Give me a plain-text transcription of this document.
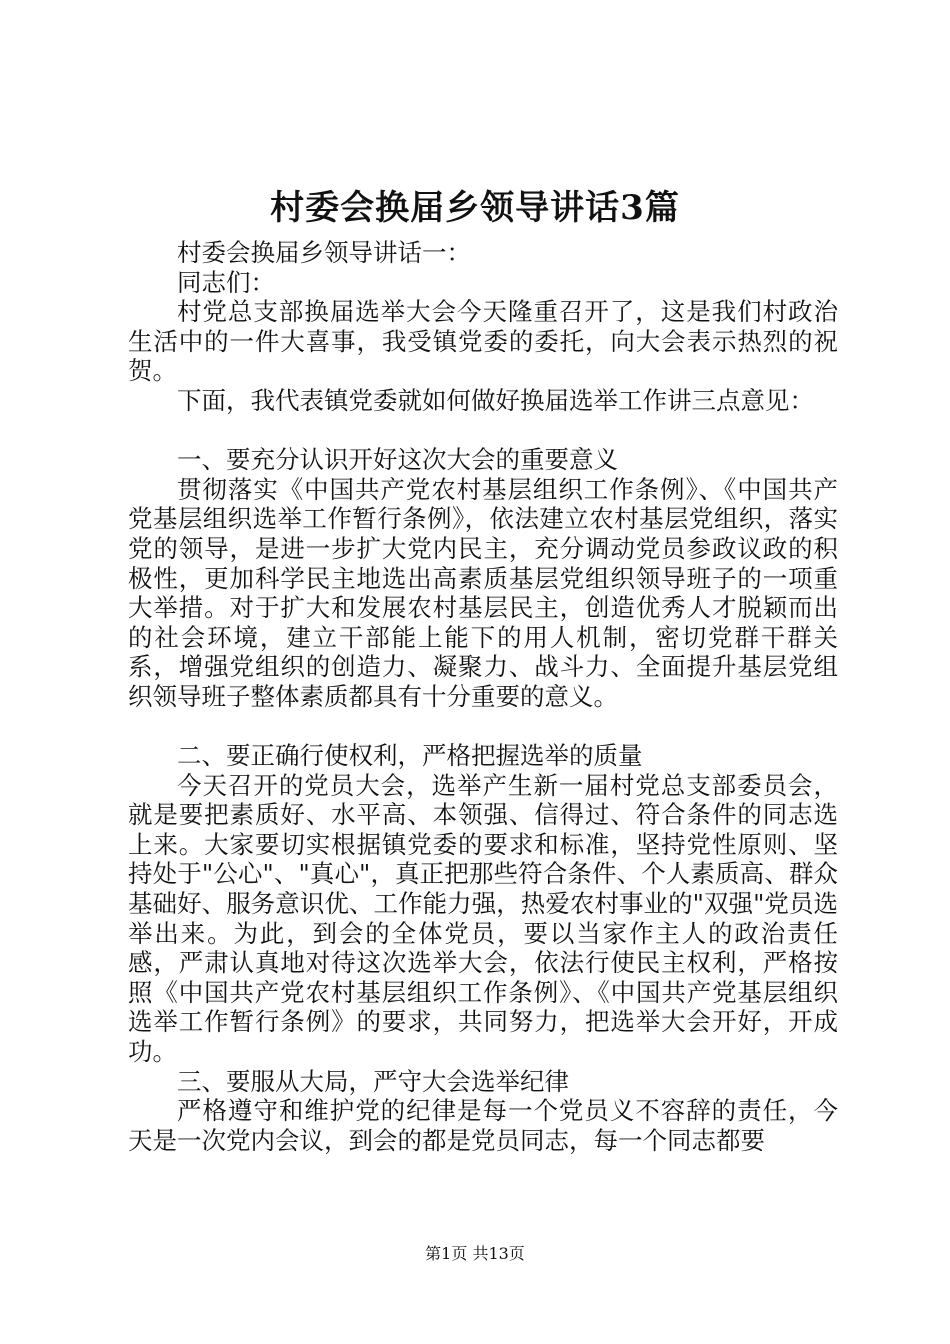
村委会换届乡领导讲话3篇

村委会换届乡领导讲话一：

同志们：

村党总支部换届选举大会今天隆重召开了，这是我们村政治生活中的一件大喜事，我受镇党委的委托，向大会表示热烈的祝贺。

下面，我代表镇党委就如何做好换届选举工作讲三点意见：

一、要充分认识开好这次大会的重要意义

贯彻落实《中国共产党农村基层组织工作条例》、《中国共产党基层组织选举工作暂行条例》，依法建立农村基层党组织，落实党的领导，是进一步扩大党内民主，充分调动党员参政议政的积极性，更加科学民主地选出高素质基层党组织领导班子的一项重大举措。对于扩大和发展农村基层民主，创造优秀人才脱颖而出的社会环境，建立干部能上能下的用人机制，密切党群干群关系，增强党组织的创造力、凝聚力、战斗力、全面提升基层党组织领导班子整体素质都具有十分重要的意义。

二、要正确行使权利，严格把握选举的质量

今天召开的党员大会，选举产生新一届村党总支部委员会，就是要把素质好、水平高、本领强、信得过、符合条件的同志选上来。大家要切实根据镇党委的要求和标准，坚持党性原则、坚持处于"公心"、"真心"，真正把那些符合条件、个人素质高、群众基础好、服务意识优、工作能力强，热爱农村事业的"双强"党员选举出来。为此，到会的全体党员，要以当家作主人的政治责任感，严肃认真地对待这次选举大会，依法行使民主权利，严格按照《中国共产党农村基层组织工作条例》、《中国共产党基层组织选举工作暂行条例》的要求，共同努力，把选举大会开好，开成功。

三、要服从大局，严守大会选举纪律

严格遵守和维护党的纪律是每一个党员义不容辞的责任，今天是一次党内会议，到会的都是党员同志，每一个同志都要

第1页 共13页
